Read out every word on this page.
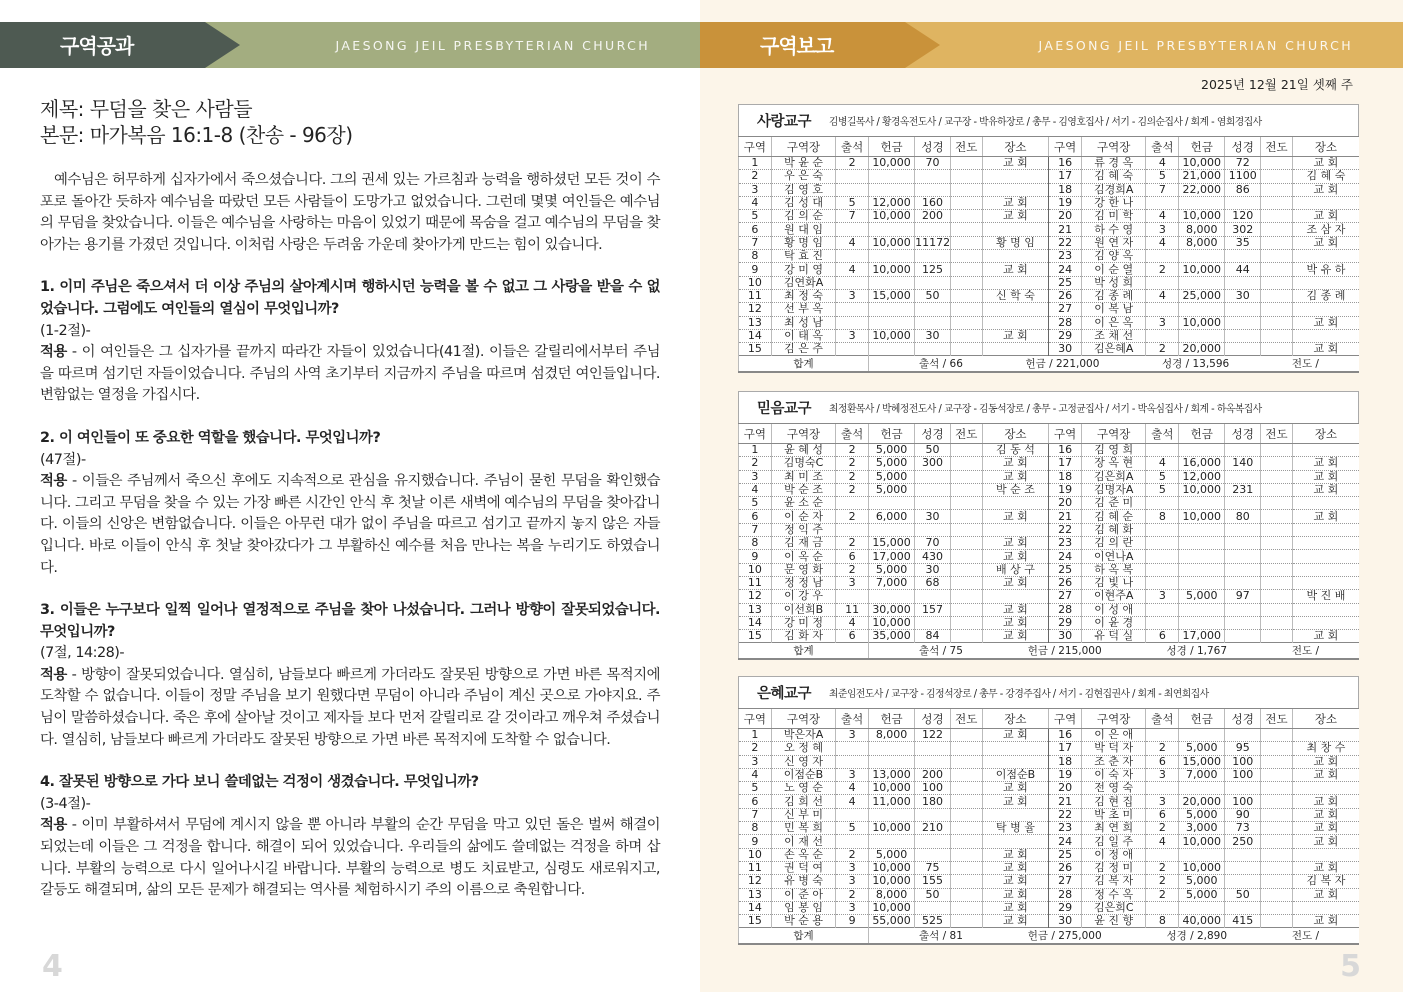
구역공과	JAESONG JEIL PRESBYTERIAN CHURCH
제목: 무덤을 찾은 사람들
본문: 마가복음 16:1-8 (찬송 - 96장)
예수님은 허무하게 십자가에서 죽으셨습니다. 그의 권세 있는 가르침과 능력을 행하셨던 모든 것이 수포로 돌아간 듯하자 예수님을 따랐던 모든 사람들이 도망가고 없었습니다. 그런데 몇몇 여인들은 예수님의 무덤을 찾았습니다. 이들은 예수님을 사랑하는 마음이 있었기 때문에 목숨을 걸고 예수님의 무덤을 찾아가는 용기를 가졌던 것입니다. 이처럼 사랑은 두려움 가운데 찾아가게 만드는 힘이 있습니다.
1. 이미 주님은 죽으셔서 더 이상 주님의 살아계시며 행하시던 능력을 볼 수 없고 그 사랑을 받을 수 없었습니다. 그럼에도 여인들의 열심이 무엇입니까?
(1-2절)-
적용 - 이 여인들은 그 십자가를 끝까지 따라간 자들이 있었습니다(41절). 이들은 갈릴리에서부터 주님을 따르며 섬기던 자들이었습니다. 주님의 사역 초기부터 지금까지 주님을 따르며 섬겼던 여인들입니다. 변함없는 열정을 가집시다.
2. 이 여인들이 또 중요한 역할을 했습니다. 무엇입니까?
(47절)-
적용 - 이들은 주님께서 죽으신 후에도 지속적으로 관심을 유지했습니다. 주님이 묻힌 무덤을 확인했습니다. 그리고 무덤을 찾을 수 있는 가장 빠른 시간인 안식 후 첫날 이른 새벽에 예수님의 무덤을 찾아갑니다. 이들의 신앙은 변함없습니다. 이들은 아무런 대가 없이 주님을 따르고 섬기고 끝까지 놓지 않은 자들입니다. 바로 이들이 안식 후 첫날 찾아갔다가 그 부활하신 예수를 처음 만나는 복을 누리기도 하였습니다.
3. 이들은 누구보다 일찍 일어나 열정적으로 주님을 찾아 나섰습니다. 그러나 방향이 잘못되었습니다. 무엇입니까?
(7절, 14:28)-
적용 - 방향이 잘못되었습니다. 열심히, 남들보다 빠르게 가더라도 잘못된 방향으로 가면 바른 목적지에 도착할 수 없습니다. 이들이 정말 주님을 보기 원했다면 무덤이 아니라 주님이 계신 곳으로 가야지요. 주님이 말씀하셨습니다. 죽은 후에 살아날 것이고 제자들 보다 먼저 갈릴리로 갈 것이라고 깨우쳐 주셨습니다. 열심히, 남들보다 빠르게 가더라도 잘못된 방향으로 가면 바른 목적지에 도착할 수 없습니다.
4. 잘못된 방향으로 가다 보니 쓸데없는 걱정이 생겼습니다. 무엇입니까?
(3-4절)-
적용 - 이미 부활하셔서 무덤에 계시지 않을 뿐 아니라 부활의 순간 무덤을 막고 있던 돌은 벌써 해결이 되었는데 이들은 그 걱정을 합니다. 해결이 되어 있었습니다. 우리들의 삶에도 쓸데없는 걱정을 하며 삽니다. 부활의 능력으로 다시 일어나시길 바랍니다. 부활의 능력으로 병도 치료받고, 심령도 새로워지고, 갈등도 해결되며, 삶의 모든 문제가 해결되는 역사를 체험하시기 주의 이름으로 축원합니다.
4
구역보고	JAESONG JEIL PRESBYTERIAN CHURCH
2025년 12월 21일 셋째 주
사랑교구 김병길목사 / 황경옥전도사 / 교구장 - 박유하장로 / 총무 - 김영호집사 / 서기 - 김의순집사 / 회계 - 염희경집사
구역	구역장	출석	헌금	성경	전도	장소	구역	구역장	출석	헌금	성경	전도	장소
1	박 윤 순	2	10,000	70		교 회	16	류 경 옥	4	10,000	72		교 회
2	우 은 숙						17	김 혜 숙	5	21,000	1100		김 혜 숙
3	김 영 호						18	김경희A	7	22,000	86		교 회
4	김 성 대	5	12,000	160		교 회	19	강 한 나					
5	김 의 순	7	10,000	200		교 회	20	김 미 학	4	10,000	120		교 회
6	원 대 임						21	하 수 영	3	8,000	302		조 삼 자
7	황 명 임	4	10,000	11172		황 명 임	22	원 연 자	4	8,000	35		교 회
8	탁 효 진						23	김 양 옥					
9	강 미 영	4	10,000	125		교 회	24	이 순 열	2	10,000	44		박 유 하
10	김연화A						25	박 성 희					
11	최 정 숙	3	15,000	50		신 학 숙	26	김 종 례	4	25,000	30		김 종 례
12	선 부 옥						27	이 복 남					
13	최 성 남						28	이 은 옥	3	10,000			교 회
14	이 태 옥	3	10,000	30		교 회	29	조 채 선					
15	김 은 주						30	김은혜A	2	20,000			교 회
합계			출석 / 66 헌금 / 221,000 성경 / 13,596 전도 /										
믿음교구 최정환목사 / 박혜정전도사 / 교구장 - 김동석장로 / 총무 - 고정균집사 / 서기 - 박옥심집사 / 회계 - 하옥복집사
구역	구역장	출석	헌금	성경	전도	장소	구역	구역장	출석	헌금	성경	전도	장소
1	윤 혜 성	2	5,000	50		김 동 석	16	김 영 희					
2	김명숙C	2	5,000	300		교 회	17	장 옥 현	4	16,000	140		교 회
3	최 미 조	2	5,000			교 회	18	김은희A	5	12,000			교 회
4	박 순 조	2	5,000			박 순 조	19	김명자A	5	10,000	231		교 회
5	윤 소 순						20	김 준 미					
6	이 순 자	2	6,000	30		교 회	21	김 혜 순	8	10,000	80		교 회
7	정 익 주						22	김 혜 화					
8	김 재 금	2	15,000	70		교 회	23	김 의 란					
9	이 옥 순	6	17,000	430		교 회	24	이연나A					
10	문 영 화	2	5,000	30		배 상 구	25	하 옥 복					
11	정 정 남	3	7,000	68		교 회	26	김 빛 나					
12	이 강 우						27	이현주A	3	5,000	97		박 진 배
13	이선희B	11	30,000	157		교 회	28	이 성 애					
14	강 미 정	4	10,000			교 회	29	이 윤 경					
15	김 화 자	6	35,000	84		교 회	30	유 덕 실	6	17,000			교 회
합계			출석 / 75 헌금 / 215,000 성경 / 1,767 전도 /										
은혜교구 최준임전도사 / 교구장 - 김정석장로 / 총무 - 강경주집사 / 서기 - 김현집권사 / 회계 - 최연희집사
구역	구역장	출석	헌금	성경	전도	장소	구역	구역장	출석	헌금	성경	전도	장소
1	박은자A	3	8,000	122		교 회	16	이 은 애					
2	오 정 혜						17	박 덕 자	2	5,000	95		최 창 수
3	신 영 자						18	조 춘 자	6	15,000	100		교 회
4	이점순B	3	13,000	200		이점순B	19	이 숙 자	3	7,000	100		교 회
5	노 영 순	4	10,000	100		교 회	20	전 영 숙					
6	김 희 선	4	11,000	180		교 회	21	김 현 집	3	20,000	100		교 회
7	신 부 미						22	박 초 미	6	5,000	90		교 회
8	민 복 희	5	10,000	210		탁 병 율	23	최 연 희	2	3,000	73		교 회
9	이 재 선						24	김 일 주	4	10,000	250		교 회
10	손 옥 순	2	5,000			교 회	25	이 정 애					
11	권 덕 여	3	10,000	75		교 회	26	김 정 미	2	10,000			교 회
12	유 병 숙	3	10,000	155		교 회	27	김 복 자	2	5,000			김 복 자
13	이 준 아	2	8,000	50		교 회	28	정 수 옥	2	5,000	50		교 회
14	임 봉 임	3	10,000			교 회	29	김은희C					
15	박 순 용	9	55,000	525		교 회	30	윤 진 향	8	40,000	415		교 회
합계			출석 / 81 헌금 / 275,000 성경 / 2,890 전도 /										
5
